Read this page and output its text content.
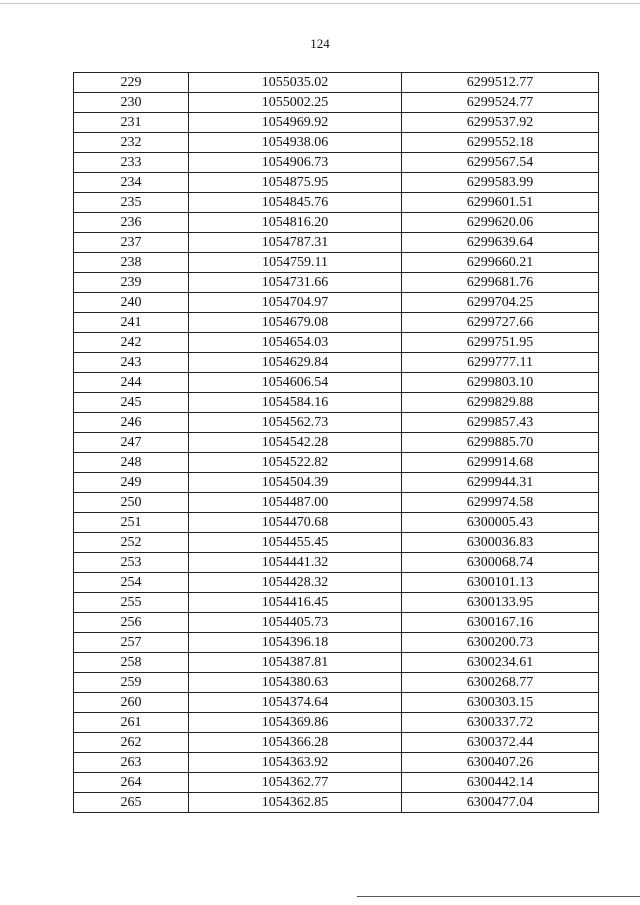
124
229	1055035.02	6299512.77
230	1055002.25	6299524.77
231	1054969.92	6299537.92
232	1054938.06	6299552.18
233	1054906.73	6299567.54
234	1054875.95	6299583.99
235	1054845.76	6299601.51
236	1054816.20	6299620.06
237	1054787.31	6299639.64
238	1054759.11	6299660.21
239	1054731.66	6299681.76
240	1054704.97	6299704.25
241	1054679.08	6299727.66
242	1054654.03	6299751.95
243	1054629.84	6299777.11
244	1054606.54	6299803.10
245	1054584.16	6299829.88
246	1054562.73	6299857.43
247	1054542.28	6299885.70
248	1054522.82	6299914.68
249	1054504.39	6299944.31
250	1054487.00	6299974.58
251	1054470.68	6300005.43
252	1054455.45	6300036.83
253	1054441.32	6300068.74
254	1054428.32	6300101.13
255	1054416.45	6300133.95
256	1054405.73	6300167.16
257	1054396.18	6300200.73
258	1054387.81	6300234.61
259	1054380.63	6300268.77
260	1054374.64	6300303.15
261	1054369.86	6300337.72
262	1054366.28	6300372.44
263	1054363.92	6300407.26
264	1054362.77	6300442.14
265	1054362.85	6300477.04
